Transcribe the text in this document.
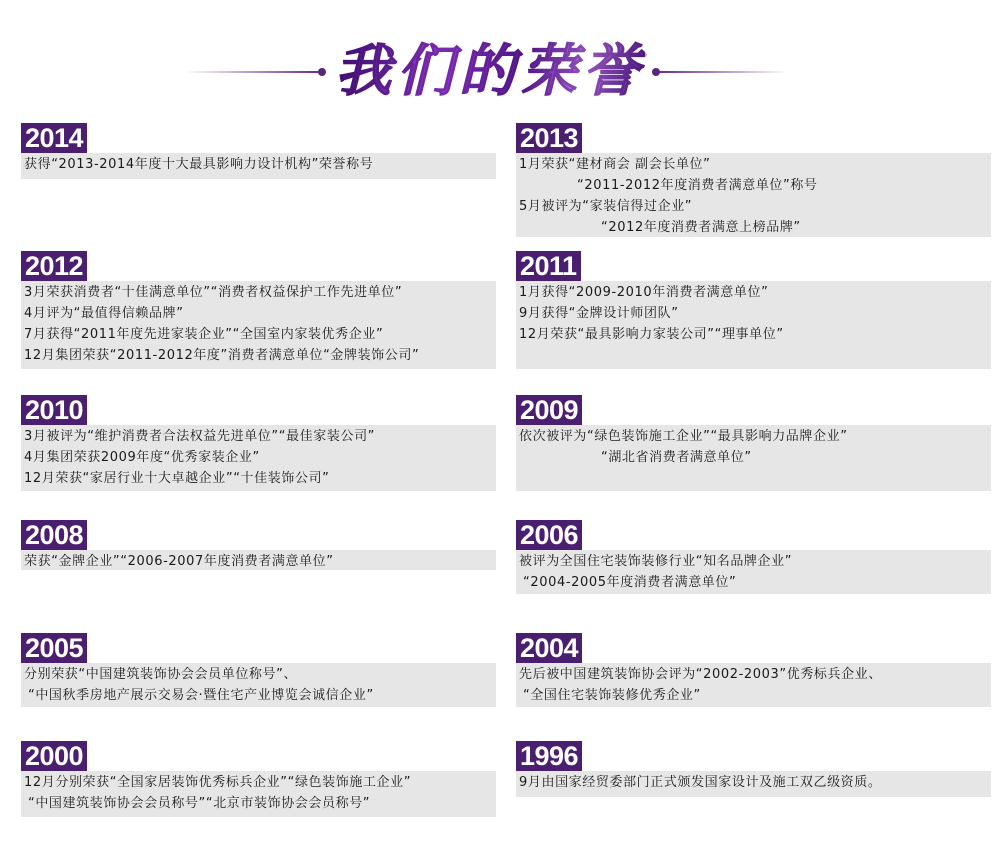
我们的荣誉
2014
获得“2013-2014年度十大最具影响力设计机构”荣誉称号
2013
1月荣获“建材商会 副会长单位”
“2011-2012年度消费者满意单位”称号
5月被评为“家装信得过企业”
“2012年度消费者满意上榜品牌”
2012
3月荣获消费者“十佳满意单位”“消费者权益保护工作先进单位”
4月评为“最值得信赖品牌”
7月获得“2011年度先进家装企业”“全国室内家装优秀企业”
12月集团荣获“2011-2012年度”消费者满意单位“金牌装饰公司”
2011
1月获得“2009-2010年消费者满意单位”
9月获得“金牌设计师团队”
12月荣获“最具影响力家装公司”“理事单位”
2010
3月被评为“维护消费者合法权益先进单位”“最佳家装公司”
4月集团荣获2009年度“优秀家装企业”
12月荣获“家居行业十大卓越企业”“十佳装饰公司”
2009
依次被评为“绿色装饰施工企业”“最具影响力品牌企业”
“湖北省消费者满意单位”
2008
荣获“金牌企业”“2006-2007年度消费者满意单位”
2006
被评为全国住宅装饰装修行业“知名品牌企业”
“2004-2005年度消费者满意单位”
2005
分别荣获“中国建筑装饰协会会员单位称号”、
“中国秋季房地产展示交易会·暨住宅产业博览会诚信企业”
2004
先后被中国建筑装饰协会评为“2002-2003”优秀标兵企业、
“全国住宅装饰装修优秀企业”
2000
12月分别荣获“全国家居装饰优秀标兵企业”“绿色装饰施工企业”
“中国建筑装饰协会会员称号”“北京市装饰协会会员称号”
1996
9月由国家经贸委部门正式颁发国家设计及施工双乙级资质。
